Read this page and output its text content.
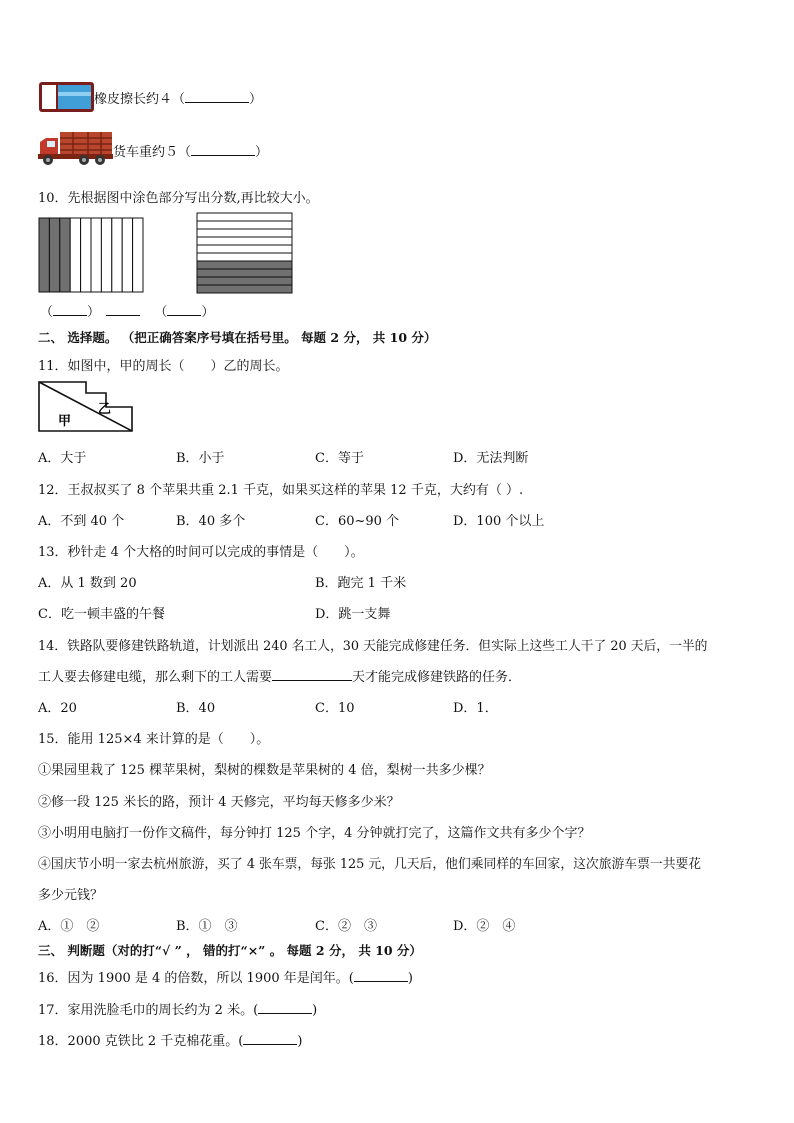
橡皮擦长约４（	）
货车重约５（	）
10．先根据图中涂色部分写出分数,再比较大小。
（	）	（	）
二、 选择题。 （把正确答案序号填在括号里。 每题 2 分， 共 10 分）
11．如图中，甲的周长（　　）乙的周长。
甲
乙
A．大于	B．小于	C．等于	D．无法判断
12．王叔叔买了 8 个苹果共重 2.1 千克，如果买这样的苹果 12 千克，大约有（ ）.
A．不到 40 个	B．40 多个	C．60~90 个	D．100 个以上
13．秒针走 4 个大格的时间可以完成的事情是（　　）。
A．从 1 数到 20	B．跑完 1 千米
C．吃一顿丰盛的午餐	D．跳一支舞
14．铁路队要修建铁路轨道，计划派出 240 名工人，30 天能完成修建任务．但实际上这些工人干了 20 天后，一半的
工人要去修建电缆，那么剩下的工人需要	天才能完成修建铁路的任务．
A．20	B．40	C．10	D．1．
15．能用 125×4 来计算的是（　　）。
①果园里栽了 125 棵苹果树，梨树的棵数是苹果树的 4 倍，梨树一共多少棵？
②修一段 125 米长的路，预计 4 天修完，平均每天修多少米？
③小明用电脑打一份作文稿件，每分钟打 125 个字，4 分钟就打完了，这篇作文共有多少个字？
④国庆节小明一家去杭州旅游，买了 4 张车票，每张 125 元，几天后，他们乘同样的车回家，这次旅游车票一共要花
多少元钱？
A．①　②	B．①　③	C．②　③	D．②　④
三、 判断题（对的打“√ ” ， 错的打“×” 。 每题 2 分， 共 10 分）
16．因为 1900 是 4 的倍数，所以 1900 年是闰年。(	)
17．家用洗脸毛巾的周长约为 2 米。(	)
18．2000 克铁比 2 千克棉花重。(	)
